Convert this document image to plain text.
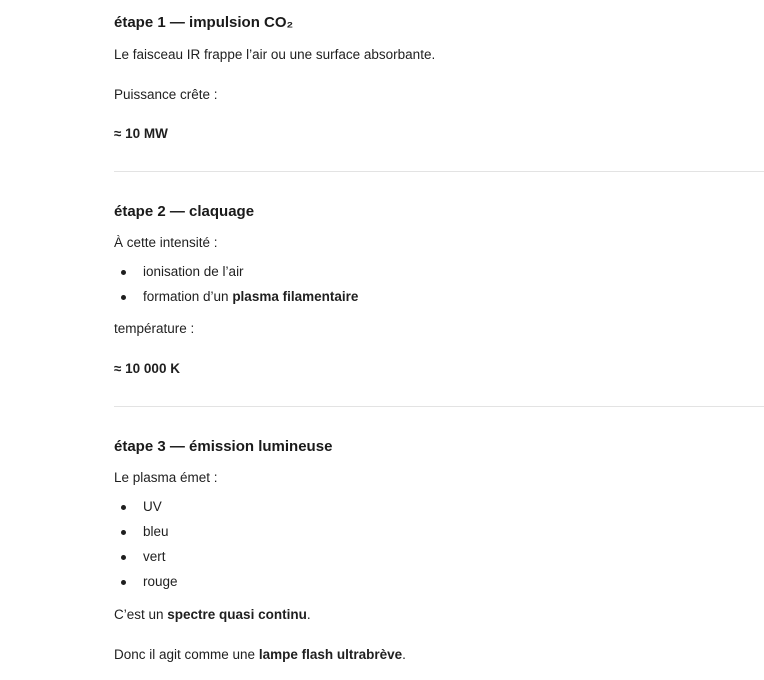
étape 1 — impulsion CO₂

Le faisceau IR frappe l’air ou une surface absorbante.

Puissance crête :

≈ 10 MW

étape 2 — claquage

À cette intensité :

ionisation de l’air
formation d’un plasma filamentaire

température :

≈ 10 000 K

étape 3 — émission lumineuse

Le plasma émet :

UV
bleu
vert
rouge

C’est un spectre quasi continu.

Donc il agit comme une lampe flash ultrabrève.
